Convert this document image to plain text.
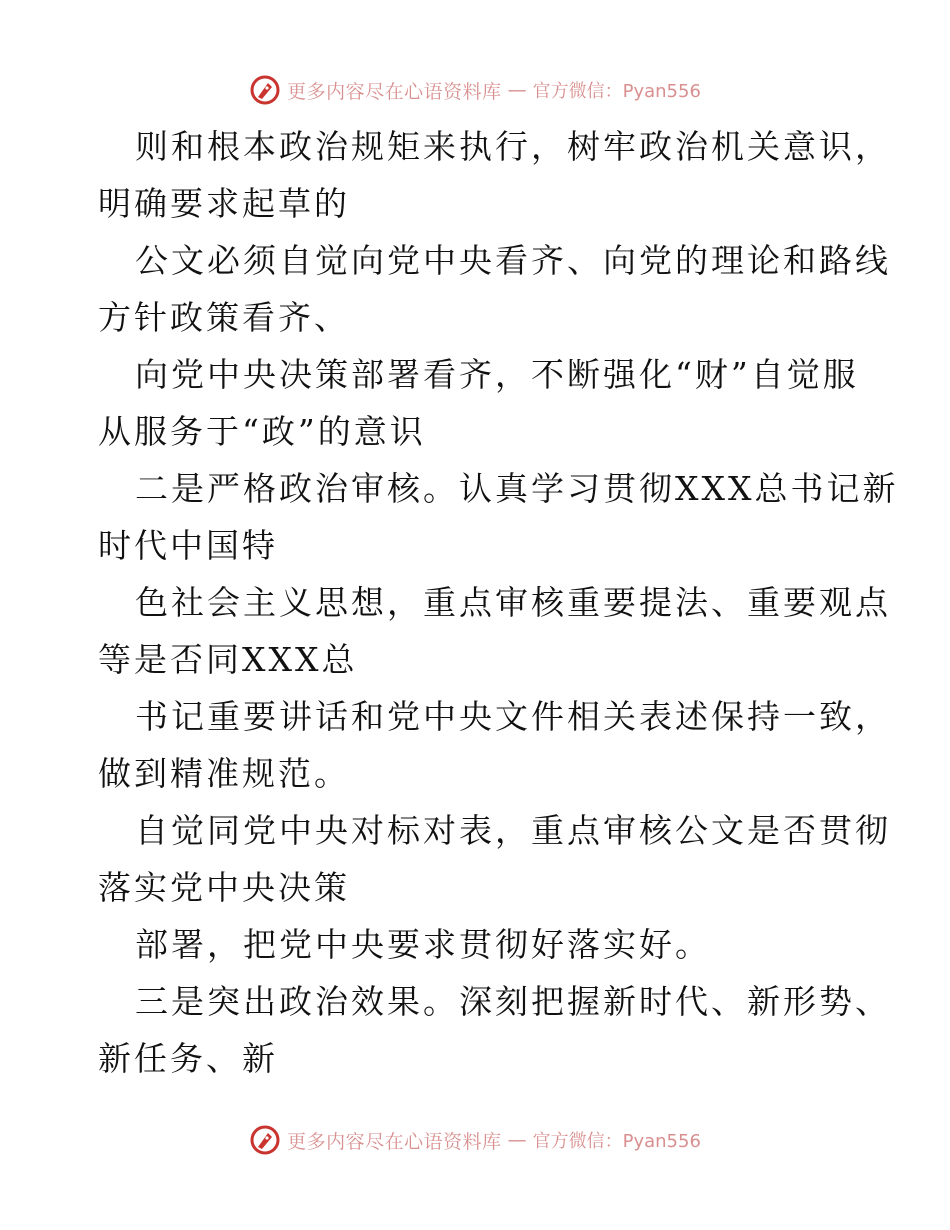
更多内容尽在心语资料库 — 官方微信：Pyan556

则和根本政治规矩来执行，树牢政治机关意识，
明确要求起草的

公文必须自觉向党中央看齐、向党的理论和路线
方针政策看齐、

向党中央决策部署看齐，不断强化“财”自觉服
从服务于“政”的意识

二是严格政治审核。认真学习贯彻XXX总书记新
时代中国特

色社会主义思想，重点审核重要提法、重要观点
等是否同XXX总

书记重要讲话和党中央文件相关表述保持一致，
做到精准规范。

自觉同党中央对标对表，重点审核公文是否贯彻
落实党中央决策

部署，把党中央要求贯彻好落实好。

三是突出政治效果。深刻把握新时代、新形势、
新任务、新

更多内容尽在心语资料库 — 官方微信：Pyan556
